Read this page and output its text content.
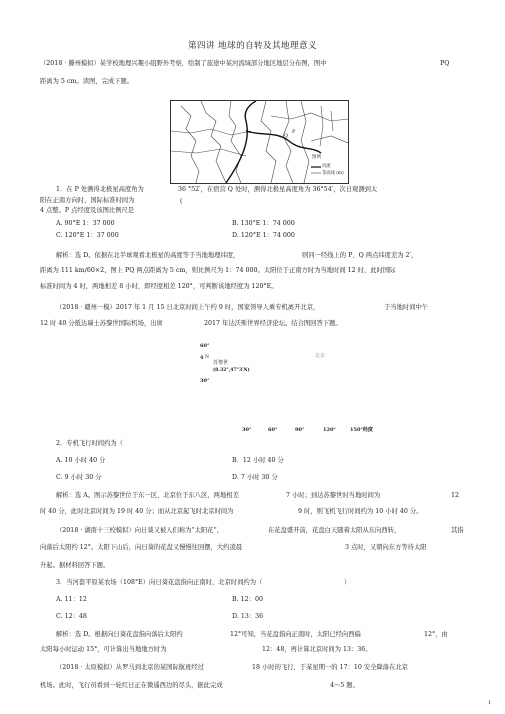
第四讲 地球的自转及其地理意义
（2018 · 滕州模拟）某学校地理兴趣小组野外考察，绘制了旅途中某河流域部分地区地层分布图，图中	PQ
距离为 5 cm。读图，完成下题。
P
Q
图例
河流
等高线 (m)
1．在 P 处测得北极星高度角为	36 °52′，在宿营 Q 处时，测得北极星高度角为 36°54′，次日观测到太
阳在正南方向时，国际标准时间为	(
4 点整。P 点经度及该图比例尺是
A. 90°E 1：37 000	B. 130°E 1：74 000
C. 120°E 1：37 000	D. 120°E 1：74 000
解析：选 D。依据在北半球观看北极星的高度等于当地地理纬度，	则同一经线上的 P、Q 两点纬度差为 2′，
距离为 111 km/60×2，图上 PQ 两点距离为 5 cm，则比例尺为 1：74 000。太阳位于正南方时为当地时间 12 时，此时国际
标准时间为 4 时，两地相差 8 小时，即经度相差 120°，可判断该地经度为 120°E。
（2018 · 赣州一模）2017 年 1 月 15 日北京时间上午约 9 时，国家领导人乘专机离开北京，	于当地时间中午
12 时 40 分抵达瑞士苏黎世国际机场，出席	2017 年达沃斯世界经济论坛。结合图回答下题。
60°
4 N
苏黎世
(8.32°,47°3′N)
北京
30°
30°	60°	90°	120°	150°经度
2．专机飞行时间约为（
A. 10 小时 40 分	B．12 小时 40 分
C. 9 小时 30 分	D. 7 小时 30 分
解析：选 A。图示苏黎世位于东一区、北京位于东八区，两地相差	7 小时；到达苏黎世时当地时间为	12
时 40 分，此时北京时间为 19 时 40 分；而从北京起飞时北京时间为	9 时，则飞机飞行时间约为 10 小时 40 分。
（2018 · 湖南十三校模拟）向日葵又被人们称为“太阳花”，	在花盘盛开前，花盘白天随着太阳从东向西转，	其指
向落后太阳约 12°。太阳下山后，向日葵的花盘又慢慢往回摆，大约凌晨	3 点时，又朝向东方等待太阳
升起。据材料回答下题。
3．当河套平原某农场（108°E）向日葵花盘指向正南时，北京时间约为（	）
A. 11：12	B. 12：00
C. 12：48	D. 13：36
解析：选 D。根据向日葵花盘指向落后太阳约	12°可知，当花盘指向正南时，太阳已经向西偏	12°，由
太阳每小时运动 15°，可计算出当地地方时为	12：48，再计算北京时间为 13：36。
（2018 · 太原模拟）从罗马到北京的某国际航班经过	18 小时的飞行，于某星期一的 17：10 安全降落在北京
机场。此时，飞行员看到一轮红日正在微遥西边的尽头，据此完成	4～5 题。
1
